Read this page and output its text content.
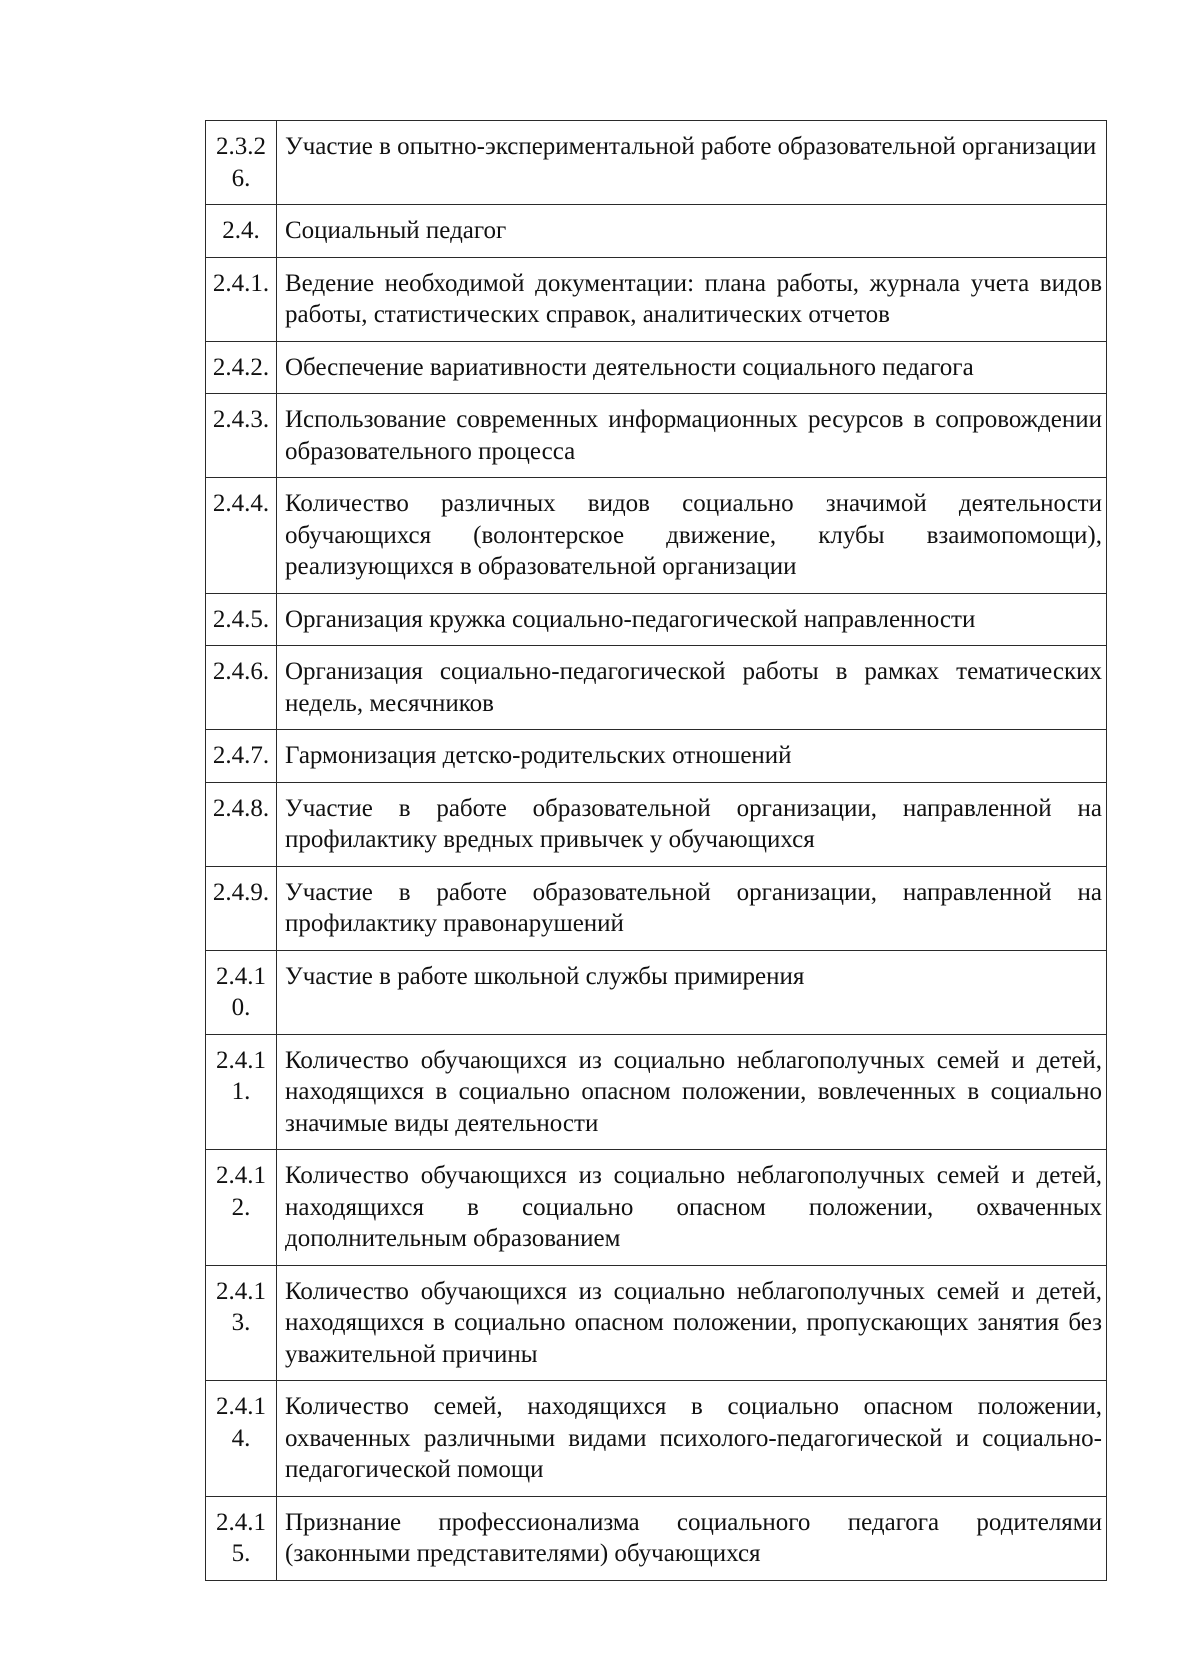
2.3.26.	Участие в опытно-экспериментальной работе образовательной организации
2.4.	Социальный педагог
2.4.1.	Ведение необходимой документации: плана работы, журнала учета видов работы, статистических справок, аналитических отчетов
2.4.2.	Обеспечение вариативности деятельности социального педагога
2.4.3.	Использование современных информационных ресурсов в сопровождении образовательного процесса
2.4.4.	Количество различных видов социально значимой деятельности обучающихся (волонтерское движение, клубы взаимопомощи), реализующихся в образовательной организации
2.4.5.	Организация кружка социально-педагогической направленности
2.4.6.	Организация социально-педагогической работы в рамках тематических недель, месячников
2.4.7.	Гармонизация детско-родительских отношений
2.4.8.	Участие в работе образовательной организации, направленной на профилактику вредных привычек у обучающихся
2.4.9.	Участие в работе образовательной организации, направленной на профилактику правонарушений
2.4.10.	Участие в работе школьной службы примирения
2.4.11.	Количество обучающихся из социально неблагополучных семей и детей, находящихся в социально опасном положении, вовлеченных в социально значимые виды деятельности
2.4.12.	Количество обучающихся из социально неблагополучных семей и детей, находящихся в социально опасном положении, охваченных дополнительным образованием
2.4.13.	Количество обучающихся из социально неблагополучных семей и детей, находящихся в социально опасном положении, пропускающих занятия без уважительной причины
2.4.14.	Количество семей, находящихся в социально опасном положении, охваченных различными видами психолого-педагогической и социально-педагогической помощи
2.4.15.	Признание профессионализма социального педагога родителями (законными представителями) обучающихся
